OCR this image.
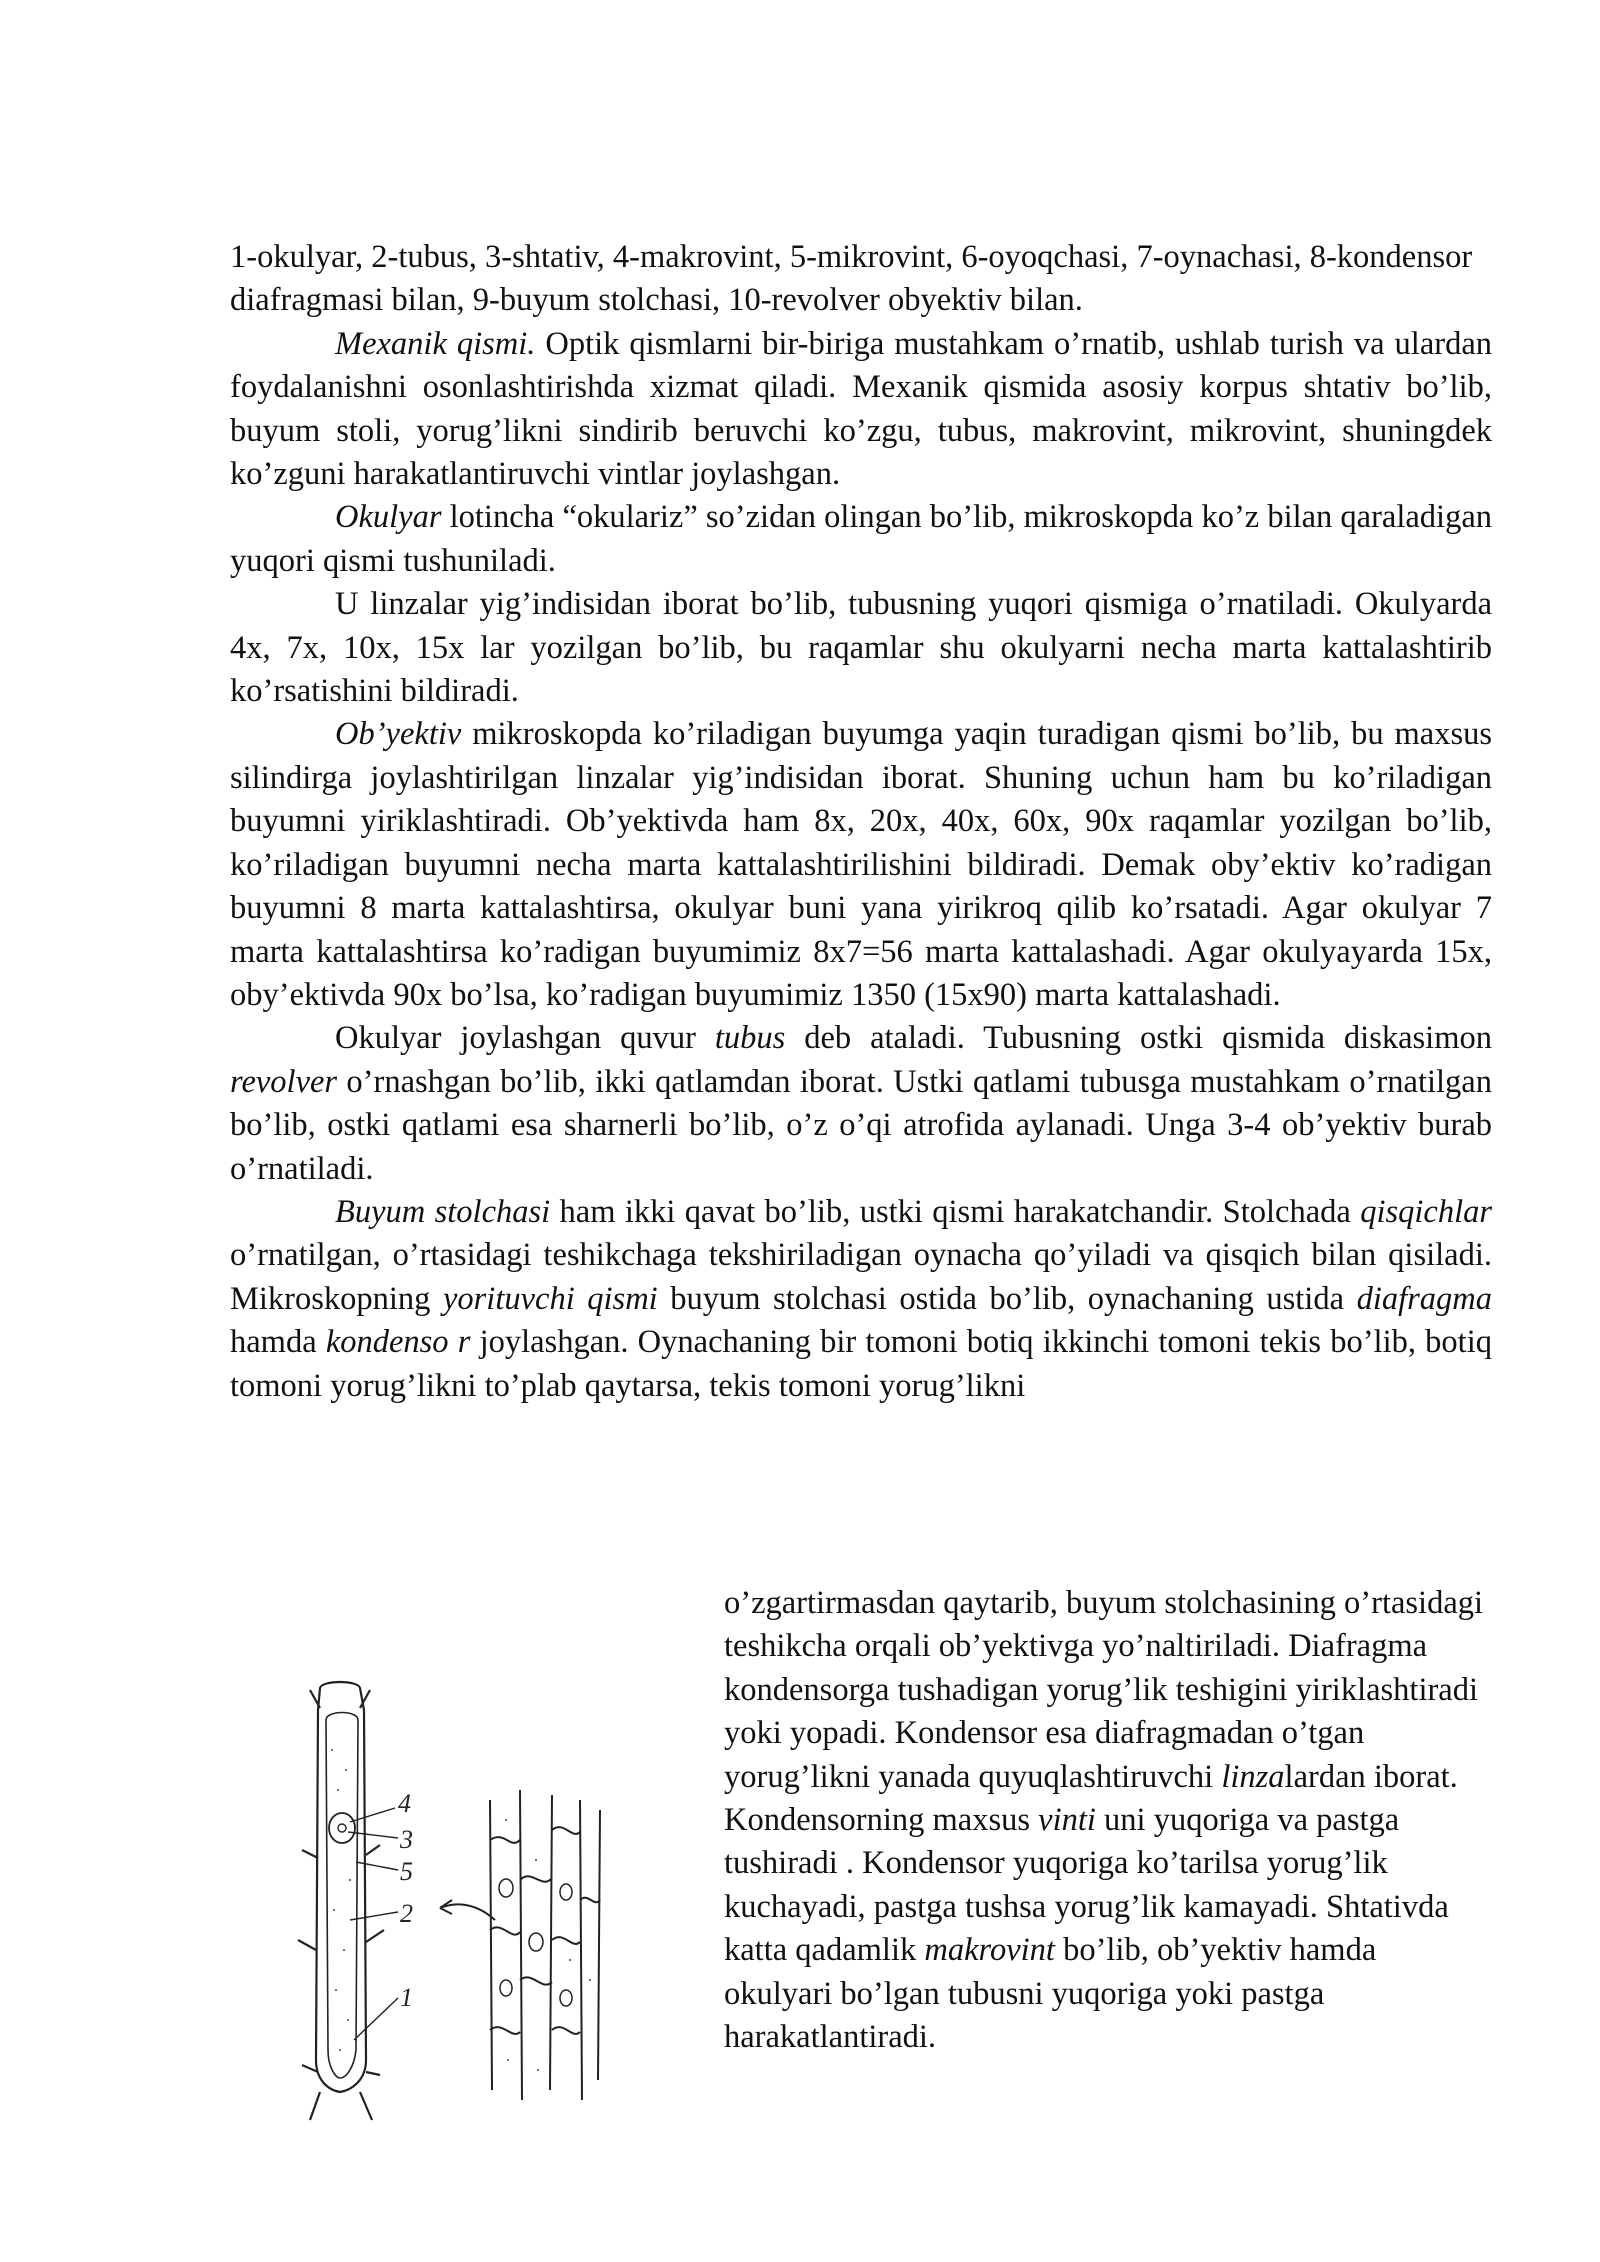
1-okulyar, 2-tubus, 3-shtativ, 4-makrovint, 5-mikrovint, 6-oyoqchasi, 7-oynachasi, 8-kondensor diafragmasi bilan, 9-buyum stolchasi, 10-revolver obyektiv bilan.

Mexanik qismi. Optik qismlarni bir-biriga mustahkam o’rnatib, ushlab turish va ulardan foydalanishni osonlashtirishda xizmat qiladi. Mexanik qismida asosiy korpus shtativ bo’lib, buyum stoli, yorug’likni sindirib beruvchi ko’zgu, tubus, makrovint, mikrovint, shuningdek ko’zguni harakatlantiruvchi vintlar joylashgan.

Okulyar lotincha “okulariz” so’zidan olingan bo’lib, mikroskopda ko’z bilan qaraladigan yuqori qismi tushuniladi.

U linzalar yig’indisidan iborat bo’lib, tubusning yuqori qismiga o’rnatiladi. Okulyarda 4x, 7x, 10x, 15x lar yozilgan bo’lib, bu raqamlar shu okulyarni necha marta kattalashtirib ko’rsatishini bildiradi.

Ob’yektiv mikroskopda ko’riladigan buyumga yaqin turadigan qismi bo’lib, bu maxsus silindirga joylashtirilgan linzalar yig’indisidan iborat. Shuning uchun ham bu ko’riladigan buyumni yiriklashtiradi. Ob’yektivda ham 8x, 20x, 40x, 60x, 90x raqamlar yozilgan bo’lib, ko’riladigan buyumni necha marta kattalashtirilishini bildiradi. Demak oby’ektiv ko’radigan buyumni 8 marta kattalashtirsa, okulyar buni yana yirikroq qilib ko’rsatadi. Agar okulyar 7 marta kattalashtirsa ko’radigan buyumimiz 8x7=56 marta kattalashadi. Agar okulyayarda 15x, oby’ektivda 90x bo’lsa, ko’radigan buyumimiz 1350 (15x90) marta kattalashadi.

Okulyar joylashgan quvur tubus deb ataladi. Tubusning ostki qismida diskasimon revolver o’rnashgan bo’lib, ikki qatlamdan iborat. Ustki qatlami tubusga mustahkam o’rnatilgan bo’lib, ostki qatlami esa sharnerli bo’lib, o’z o’qi atrofida aylanadi. Unga 3-4 ob’yektiv burab o’rnatiladi.

Buyum stolchasi ham ikki qavat bo’lib, ustki qismi harakatchandir. Stolchada qisqichlar o’rnatilgan, o’rtasidagi teshikchaga tekshiriladigan oynacha qo’yiladi va qisqich bilan qisiladi. Mikroskopning yorituvchi qismi buyum stolchasi ostida bo’lib, oynachaning ustida diafragma hamda kondenso r joylashgan. Oynachaning bir tomoni botiq ikkinchi tomoni tekis bo’lib, botiq tomoni yorug’likni to’plab qaytarsa, tekis tomoni yorug’likni

o’zgartirmasdan qaytarib, buyum stolchasining o’rtasidagi teshikcha orqali ob’yektivga yo’naltiriladi. Diafragma kondensorga tushadigan yorug’lik teshigini yiriklashtiradi yoki yopadi. Kondensor esa diafragmadan o’tgan yorug’likni yanada quyuqlashtiruvchi linzalardan iborat. Kondensorning maxsus vinti uni yuqoriga va pastga tushiradi . Kondensor yuqoriga ko’tarilsa yorug’lik kuchayadi, pastga tushsa yorug’lik kamayadi. Shtativda katta qadamlik makrovint bo’lib, ob’yektiv hamda okulyari bo’lgan tubusni yuqoriga yoki pastga harakatlantiradi.
4
3
5
2
1
